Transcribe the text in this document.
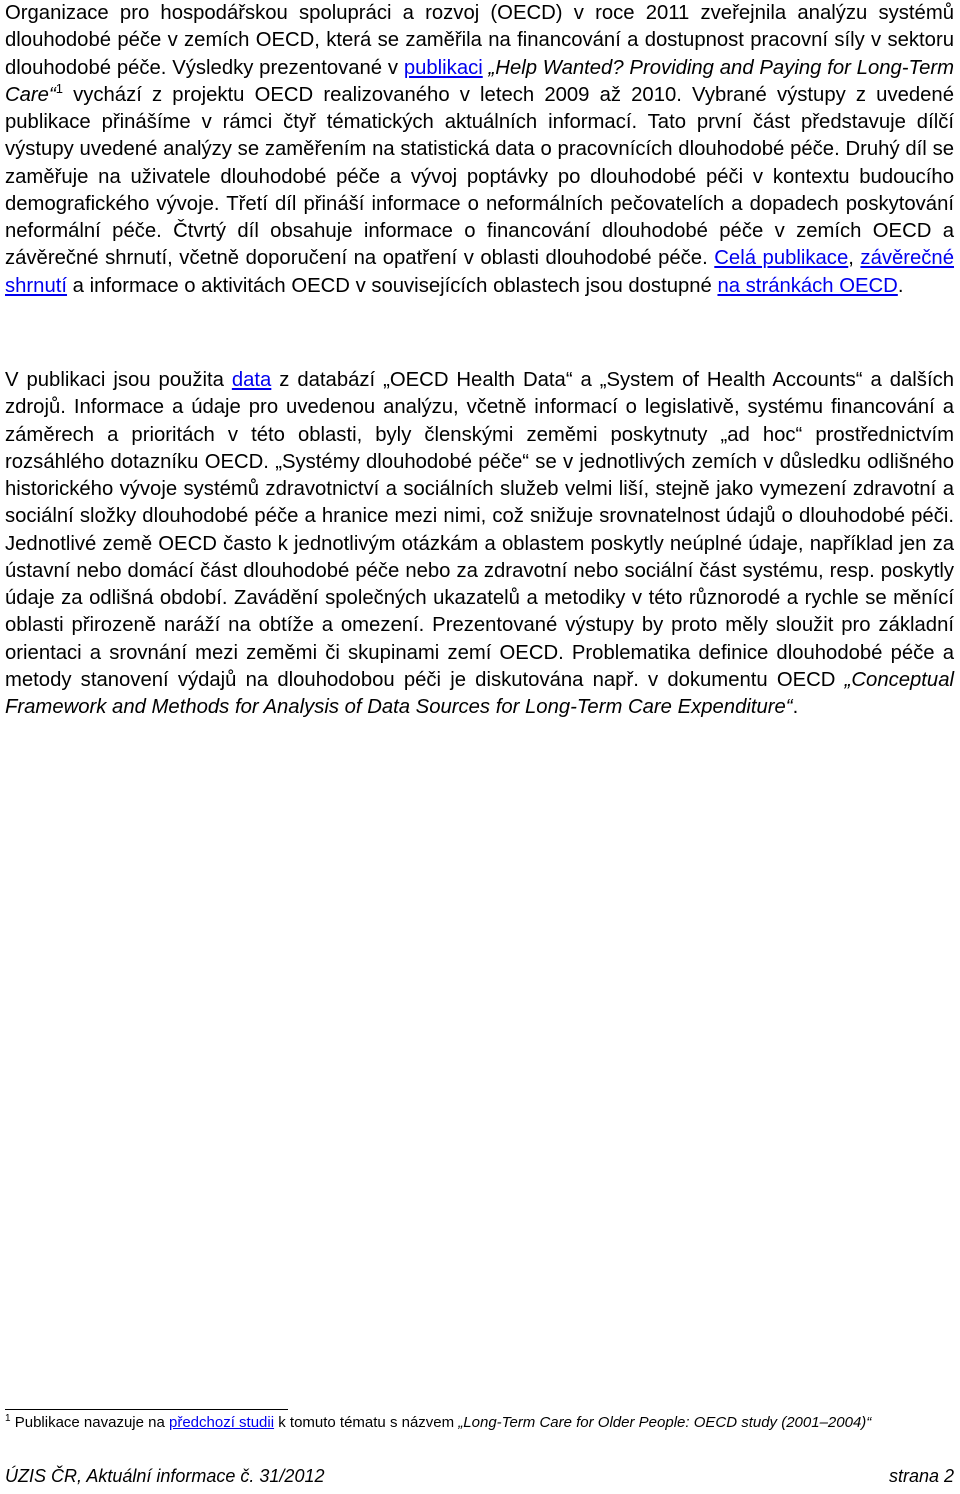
Organizace pro hospodářskou spolupráci a rozvoj (OECD) v roce 2011 zveřejnila analýzu systémů dlouhodobé péče v zemích OECD, která se zaměřila na financování a dostupnost pracovní síly v sektoru dlouhodobé péče. Výsledky prezentované v publikaci „Help Wanted? Providing and Paying for Long-Term Care“$^1$ vychází z projektu OECD realizovaného v letech 2009 až 2010. Vybrané výstupy z uvedené publikace přinášíme v rámci čtyř tématických aktuálních informací. Tato první část představuje dílčí výstupy uvedené analýzy se zaměřením na statistická data o pracovnících dlouhodobé péče. Druhý díl se zaměřuje na uživatele dlouhodobé péče a vývoj poptávky po dlouhodobé péči v kontextu budoucího demografického vývoje. Třetí díl přináší informace o neformálních pečovatelích a dopadech poskytování neformální péče. Čtvrtý díl obsahuje informace o financování dlouhodobé péče v zemích OECD a závěrečné shrnutí, včetně doporučení na opatření v oblasti dlouhodobé péče. Celá publikace, závěrečné shrnutí a informace o aktivitách OECD v souvisejících oblastech jsou dostupné na stránkách OECD.

V publikaci jsou použita data z databází „OECD Health Data“ a „System of Health Accounts“ a dalších zdrojů. Informace a údaje pro uvedenou analýzu, včetně informací o legislativě, systému financování a záměrech a prioritách v této oblasti, byly členskými zeměmi poskytnuty „ad hoc“ prostřednictvím rozsáhlého dotazníku OECD. „Systémy dlouhodobé péče“ se v jednotlivých zemích v důsledku odlišného historického vývoje systémů zdravotnictví a sociálních služeb velmi liší, stejně jako vymezení zdravotní a sociální složky dlouhodobé péče a hranice mezi nimi, což snižuje srovnatelnost údajů o dlouhodobé péči. Jednotlivé země OECD často k jednotlivým otázkám a oblastem poskytly neúplné údaje, například jen za ústavní nebo domácí část dlouhodobé péče nebo za zdravotní nebo sociální část systému, resp. poskytly údaje za odlišná období. Zavádění společných ukazatelů a metodiky v této různorodé a rychle se měnící oblasti přirozeně naráží na obtíže a omezení. Prezentované výstupy by proto měly sloužit pro základní orientaci a srovnání mezi zeměmi či skupinami zemí OECD. Problematika definice dlouhodobé péče a metody stanovení výdajů na dlouhodobou péči je diskutována např. v dokumentu OECD „Conceptual Framework and Methods for Analysis of Data Sources for Long-Term Care Expenditure“.

$^1$ Publikace navazuje na předchozí studii k tomuto tématu s názvem „Long-Term Care for Older People: OECD study (2001–2004)“

ÚZIS ČR, Aktuální informace č. 31/2012	strana 2
